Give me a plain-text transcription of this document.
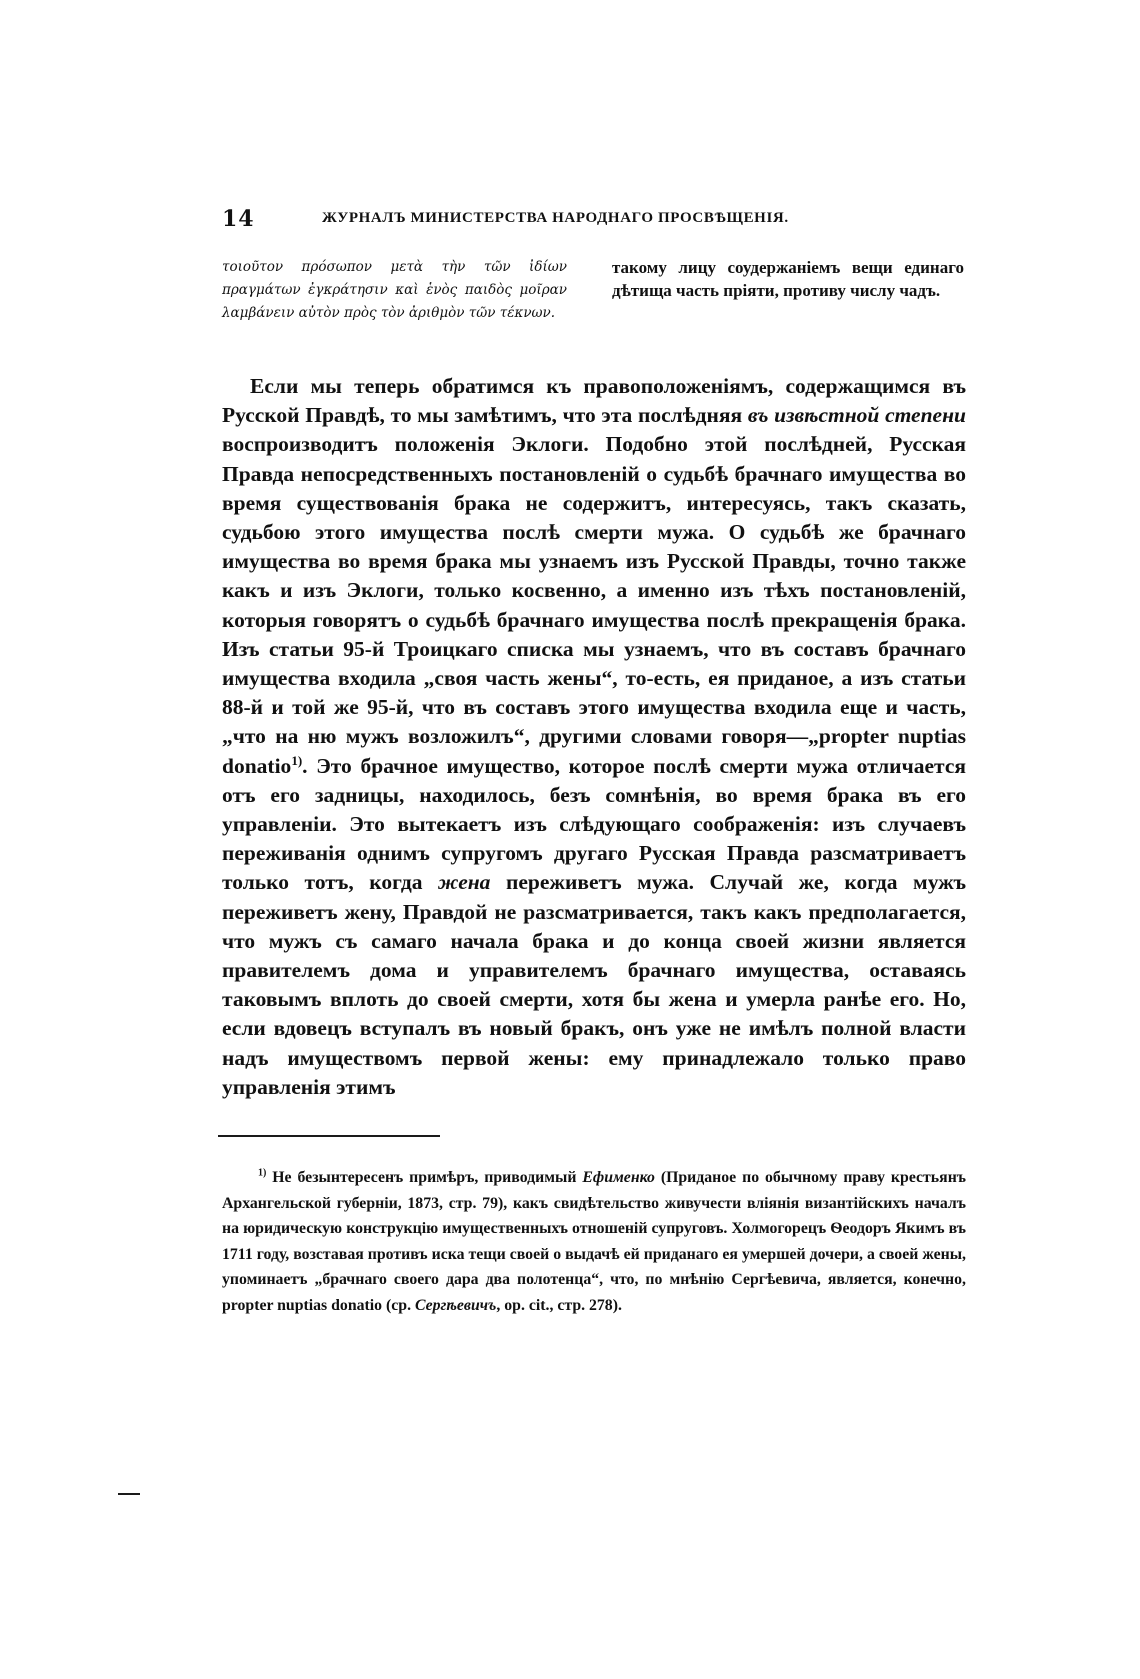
14	ЖУРНАЛЪ МИНИСТЕРСТВА НАРОДНАГО ПРОСВѢЩЕНІЯ.
τοιοῦτον πρόσωπον μετὰ τὴν τῶν ἰδίων πραγμάτων ἐγκράτησιν καὶ ἑνὸς παιδὸς μοῖραν λαμβάνειν αὐτὸν πρὸς τὸν ἀριθμὸν τῶν τέκνων.
такому лицу соудержаніемъ вещи единаго дѣтища часть пріяти, противу числу чадъ.

Если мы теперь обратимся къ правоположеніямъ, содержащимся въ Русской Правдѣ, то мы замѣтимъ, что эта послѣдняя въ извѣстной степени воспроизводитъ положенія Эклоги. Подобно этой послѣдней, Русская Правда непосредственныхъ постановленій о судьбѣ брачнаго имущества во время существованія брака не содержитъ, интересуясь, такъ сказать, судьбою этого имущества послѣ смерти мужа. О судьбѣ же брачнаго имущества во время брака мы узнаемъ изъ Русской Правды, точно также какъ и изъ Эклоги, только косвенно, а именно изъ тѣхъ постановленій, которыя говорятъ о судьбѣ брачнаго имущества послѣ прекращенія брака. Изъ статьи 95-й Троицкаго списка мы узнаемъ, что въ составъ брачнаго имущества входила „своя часть жены“, то-есть, ея приданое, а изъ статьи 88-й и той же 95-й, что въ составъ этого имущества входила еще и часть, „что на ню мужъ возложилъ“, другими словами говоря—„propter nuptias donatio$^{1)}$. Это брачное имущество, которое послѣ смерти мужа отличается отъ его задницы, находилось, безъ сомнѣнія, во время брака въ его управленіи. Это вытекаетъ изъ слѣдующаго соображенія: изъ случаевъ переживанія однимъ супругомъ другаго Русская Правда разсматриваетъ только тотъ, когда жена переживетъ мужа. Случай же, когда мужъ переживетъ жену, Правдой не разсматривается, такъ какъ предполагается, что мужъ съ самаго начала брака и до конца своей жизни является правителемъ дома и управителемъ брачнаго имущества, оставаясь таковымъ вплоть до своей смерти, хотя бы жена и умерла ранѣе его. Но, если вдовецъ вступалъ въ новый бракъ, онъ уже не имѣлъ полной власти надъ имуществомъ первой жены: ему принадлежало только право управленія этимъ

$^{1)}$ Не безынтересенъ примѣръ, приводимый Ефименко (Приданое по обычному праву крестьянъ Архангельской губерніи, 1873, стр. 79), какъ свидѣтельство живучести вліянія византійскихъ началъ на юридическую конструкцію имущественныхъ отношеній супруговъ. Холмогорецъ Ѳеодоръ Якимъ въ 1711 году, возставая противъ иска тещи своей о выдачѣ ей приданаго ея умершей дочери, а своей жены, упоминаетъ „брачнаго своего дара два полотенца“, что, по мнѣнію Сергѣевича, является, конечно, propter nuptias donatio (ср. Сергѣевичъ, op. cit., стр. 278).
